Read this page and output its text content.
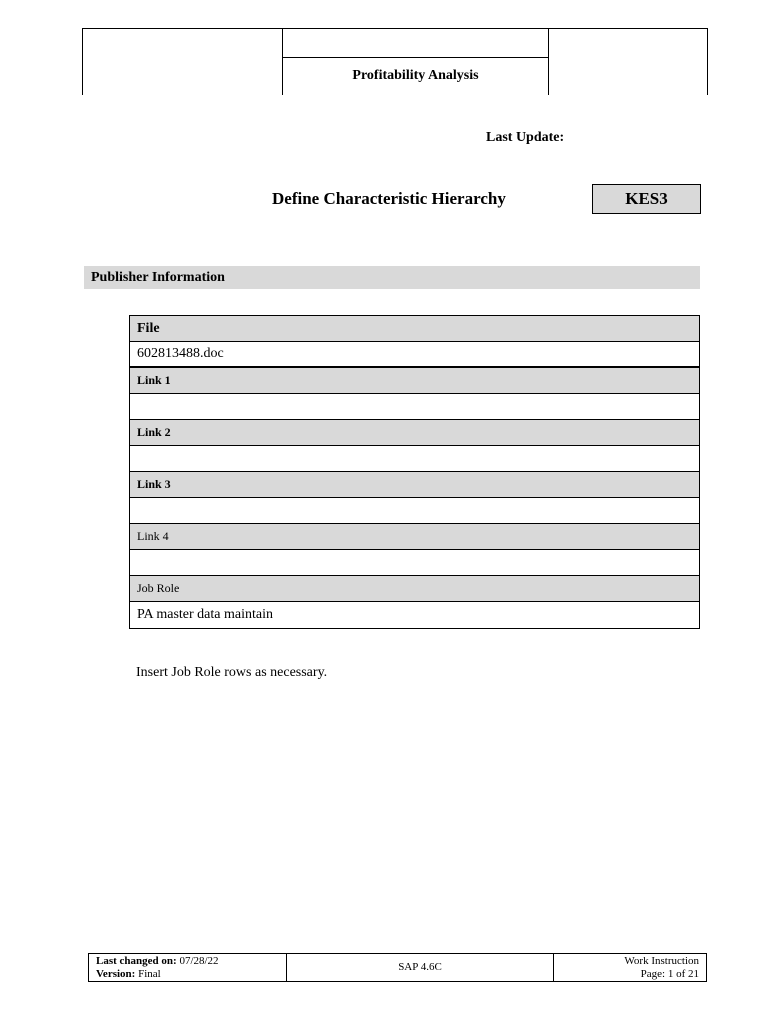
Profitability Analysis
Last Update:
Define Characteristic Hierarchy	KES3
Publisher Information
File
602813488.doc
Link 1
Link 2
Link 3
Link 4
Job Role
PA master data maintain
Insert Job Role rows as necessary.
Last changed on: 07/28/22
Version: Final
SAP 4.6C	Work Instruction
Page: 1 of 21
